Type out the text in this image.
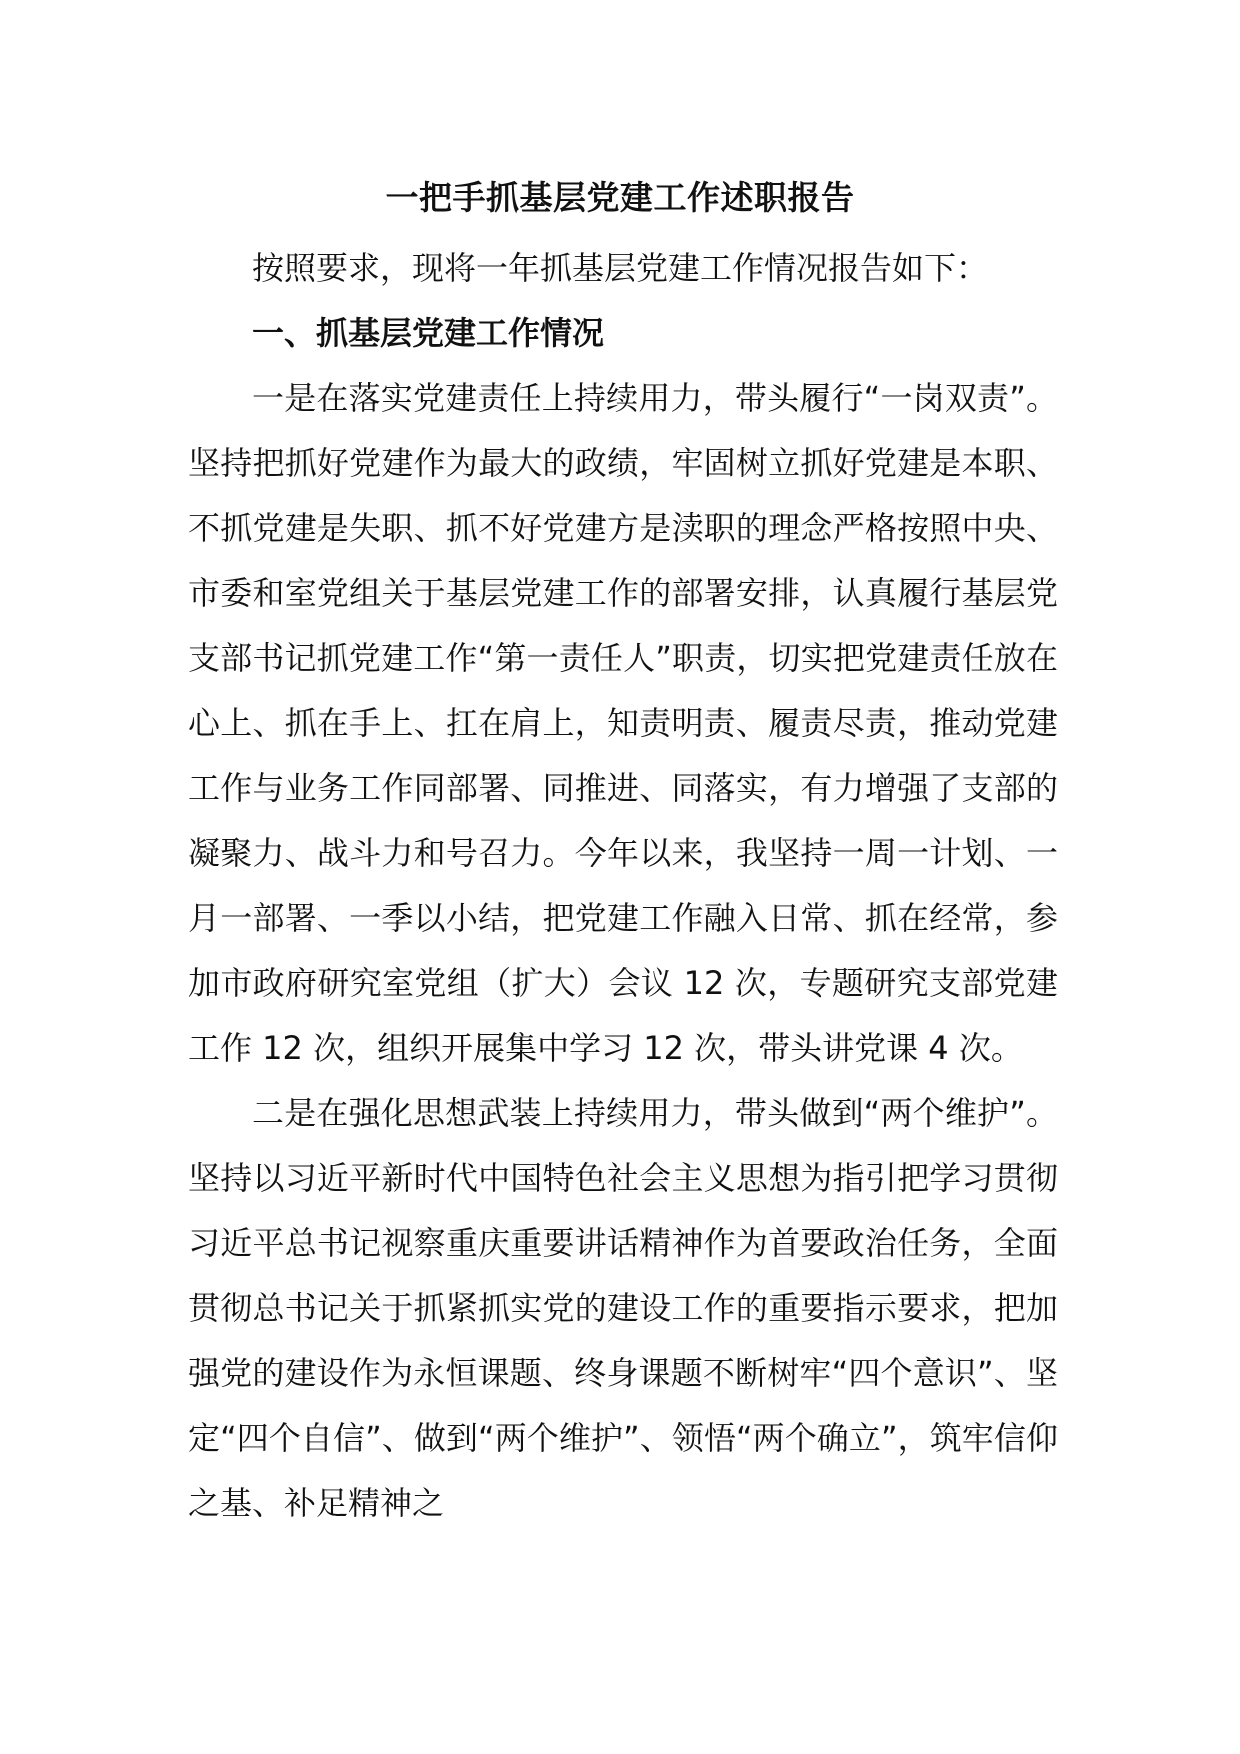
一把手抓基层党建工作述职报告

按照要求，现将一年抓基层党建工作情况报告如下：

一、抓基层党建工作情况

一是在落实党建责任上持续用力，带头履行“一岗双责”。坚持把抓好党建作为最大的政绩，牢固树立抓好党建是本职、不抓党建是失职、抓不好党建方是渎职的理念严格按照中央、市委和室党组关于基层党建工作的部署安排，认真履行基层党支部书记抓党建工作“第一责任人”职责，切实把党建责任放在心上、抓在手上、扛在肩上，知责明责、履责尽责，推动党建工作与业务工作同部署、同推进、同落实，有力增强了支部的凝聚力、战斗力和号召力。今年以来，我坚持一周一计划、一月一部署、一季以小结，把党建工作融入日常、抓在经常，参加市政府研究室党组（扩大）会议 12 次，专题研究支部党建工作 12 次，组织开展集中学习 12 次，带头讲党课 4 次。

二是在强化思想武装上持续用力，带头做到“两个维护”。坚持以习近平新时代中国特色社会主义思想为指引把学习贯彻习近平总书记视察重庆重要讲话精神作为首要政治任务，全面贯彻总书记关于抓紧抓实党的建设工作的重要指示要求，把加强党的建设作为永恒课题、终身课题不断树牢“四个意识”、坚定“四个自信”、做到“两个维护”、领悟“两个确立”，筑牢信仰之基、补足精神之
